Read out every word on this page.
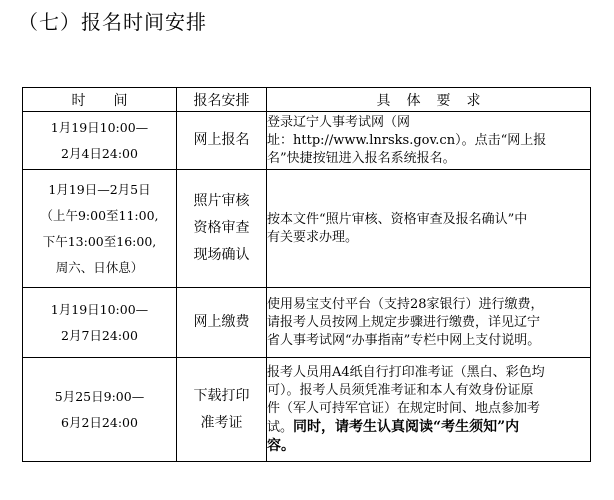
（七）报名时间安排
时间	报名安排	具体要求

1月19日10:00—
2月4日24:00	网上报名	登录辽宁人事考试网（网
址：http://www.lnrsks.gov.cn）。点击“网上报
名”快捷按钮进入报名系统报名。

1月19日—2月5日
（上午9:00至11:00,
下午13:00至16:00,
周六、日休息）	照片审核
资格审查
现场确认	按本文件“照片审核、资格审查及报名确认”中
有关要求办理。

1月19日10:00—
2月7日24:00	网上缴费	使用易宝支付平台（支持28家银行）进行缴费，
请报考人员按网上规定步骤进行缴费，详见辽宁
省人事考试网“办事指南”专栏中网上支付说明。

5月25日9:00—
6月2日24:00	下载打印
准考证	报考人员用A4纸自行打印准考证（黑白、彩色均
可）。报考人员须凭准考证和本人有效身份证原
件（军人可持军官证）在规定时间、地点参加考
试。同时，请考生认真阅读“考生须知”内
容。
